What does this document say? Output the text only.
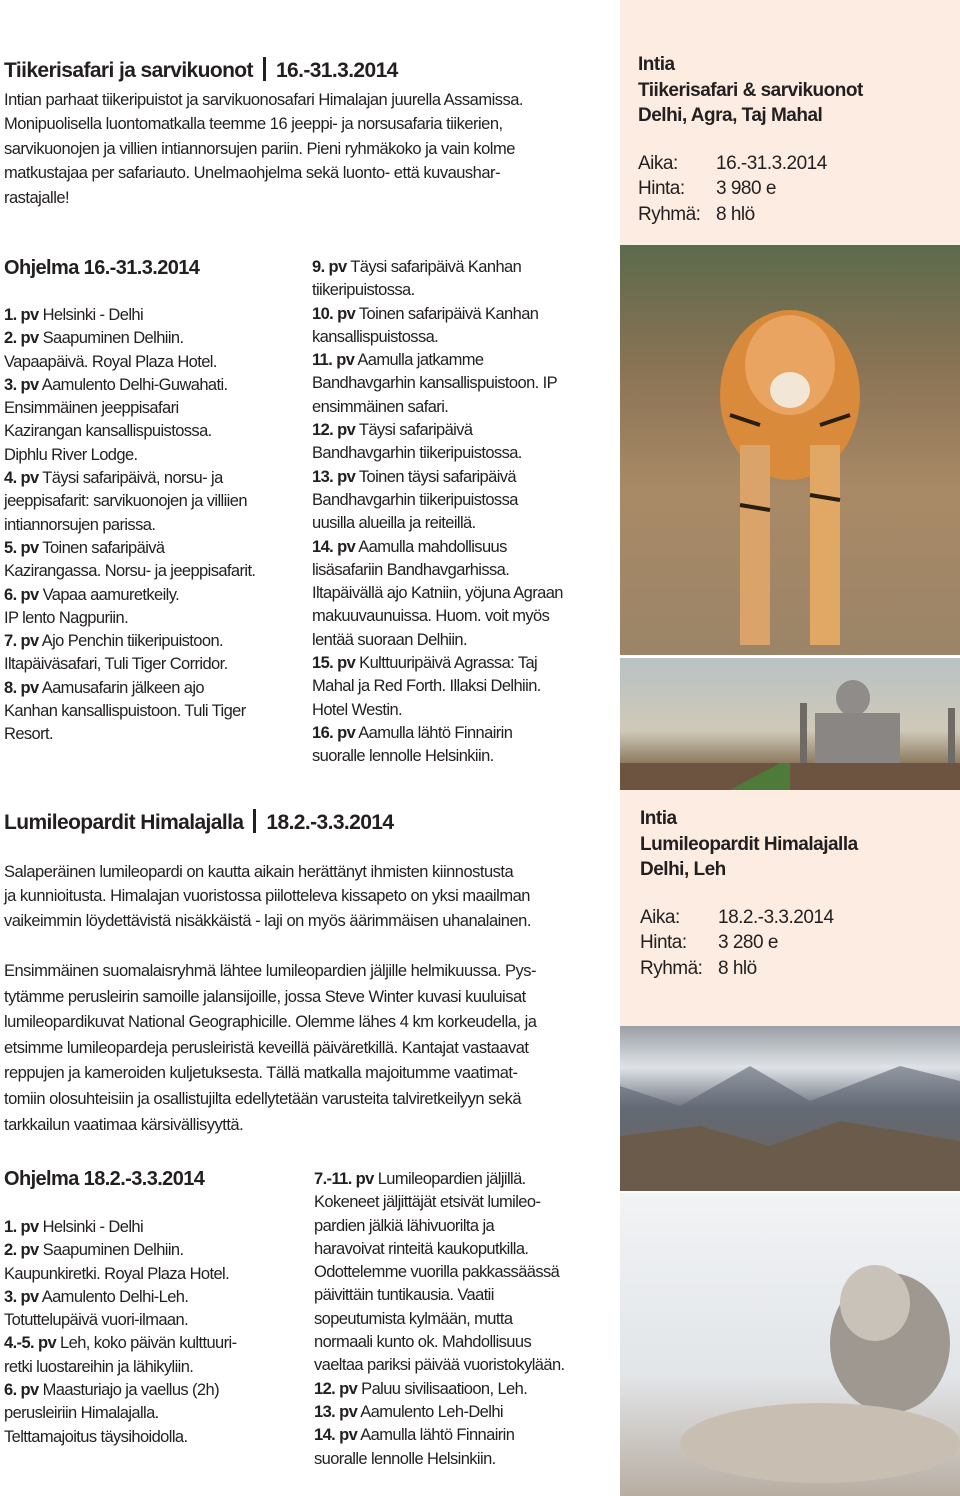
Tiikerisafari ja sarvikuonot 16.-31.3.2014
Intian parhaat tiikeripuistot ja sarvikuonosafari Himalajan juurella Assamissa.
Monipuolisella luontomatkalla teemme 16 jeeppi- ja norsusafaria tiikerien,
sarvikuonojen ja villien intiannorsujen pariin. Pieni ryhmäkoko ja vain kolme
matkustajaa per safariauto. Unelmaohjelma sekä luonto- että kuvaushar-
rastajalle!
Ohjelma 16.-31.3.2014
1. pv Helsinki - Delhi
2. pv Saapuminen Delhiin.
Vapaapäivä. Royal Plaza Hotel.
3. pv Aamulento Delhi-Guwahati.
Ensimmäinen jeeppisafari
Kazirangan kansallispuistossa.
Diphlu River Lodge.
4. pv Täysi safaripäivä, norsu- ja
jeeppisafarit: sarvikuonojen ja villiien
intiannorsujen parissa.
5. pv Toinen safaripäivä
Kazirangassa. Norsu- ja jeeppisafarit.
6. pv Vapaa aamuretkeily.
IP lento Nagpuriin.
7. pv Ajo Penchin tiikeripuistoon.
Iltapäiväsafari, Tuli Tiger Corridor.
8. pv Aamusafarin jälkeen ajo
Kanhan kansallispuistoon. Tuli Tiger
Resort.
9. pv Täysi safaripäivä Kanhan
tiikeripuistossa.
10. pv Toinen safaripäivä Kanhan
kansallispuistossa.
11. pv Aamulla jatkamme
Bandhavgarhin kansallispuistoon. IP
ensimmäinen safari.
12. pv Täysi safaripäivä
Bandhavgarhin tiikeripuistossa.
13. pv Toinen täysi safaripäivä
Bandhavgarhin tiikeripuistossa
uusilla alueilla ja reiteillä.
14. pv Aamulla mahdollisuus
lisäsafariin Bandhavgarhissa.
Iltapäivällä ajo Katniin, yöjuna Agraan
makuuvaunuissa. Huom. voit myös
lentää suoraan Delhiin.
15. pv Kulttuuripäivä Agrassa: Taj
Mahal ja Red Forth. Illaksi Delhiin.
Hotel Westin.
16. pv Aamulla lähtö Finnairin
suoralle lennolle Helsinkiin.
Intia
Tiikerisafari & sarvikuonot
Delhi, Agra, Taj Mahal
Aika:	16.-31.3.2014
Hinta:	3 980 e
Ryhmä: 8 hlö
Lumileopardit Himalajalla 18.2.-3.3.2014
Salaperäinen lumileopardi on kautta aikain herättänyt ihmisten kiinnostusta
ja kunnioitusta. Himalajan vuoristossa piilotteleva kissapeto on yksi maailman
vaikeimmin löydettävistä nisäkkäistä - laji on myös äärimmäisen uhanalainen.
Ensimmäinen suomalaisryhmä lähtee lumileopardien jäljille helmikuussa. Pys-
tytämme perusleirin samoille jalansijoille, jossa Steve Winter kuvasi kuuluisat
lumileopardikuvat National Geographicille. Olemme lähes 4 km korkeudella, ja
etsimme lumileopardeja perusleiristä keveillä päiväretkillä. Kantajat vastaavat
reppujen ja kameroiden kuljetuksesta. Tällä matkalla majoitumme vaatimat-
tomiin olosuhteisiin ja osallistujilta edellytetään varusteita talviretkeilyyn sekä
tarkkailun vaatimaa kärsivällisyyttä.
Ohjelma 18.2.-3.3.2014
1. pv Helsinki - Delhi
2. pv Saapuminen Delhiin.
Kaupunkiretki. Royal Plaza Hotel.
3. pv Aamulento Delhi-Leh.
Totuttelupäivä vuori-ilmaan.
4.-5. pv Leh, koko päivän kulttuuri-
retki luostareihin ja lähikyliin.
6. pv Maasturiajo ja vaellus (2h)
perusleiriin Himalajalla.
Telttamajoitus täysihoidolla.
7.-11. pv Lumileopardien jäljillä.
Kokeneet jäljittäjät etsivät lumileo-
pardien jälkiä lähivuorilta ja
haravoivat rinteitä kaukoputkilla.
Odottelemme vuorilla pakkassäässä
päivittäin tuntikausia. Vaatii
sopeutumista kylmään, mutta
normaali kunto ok. Mahdollisuus
vaeltaa pariksi päivää vuoristokylään.
12. pv Paluu sivilisaatioon, Leh.
13. pv Aamulento Leh-Delhi
14. pv Aamulla lähtö Finnairin
suoralle lennolle Helsinkiin.
Intia
Lumileopardit Himalajalla
Delhi, Leh
Aika:	18.2.-3.3.2014
Hinta:	3 280 e
Ryhmä: 8 hlö
